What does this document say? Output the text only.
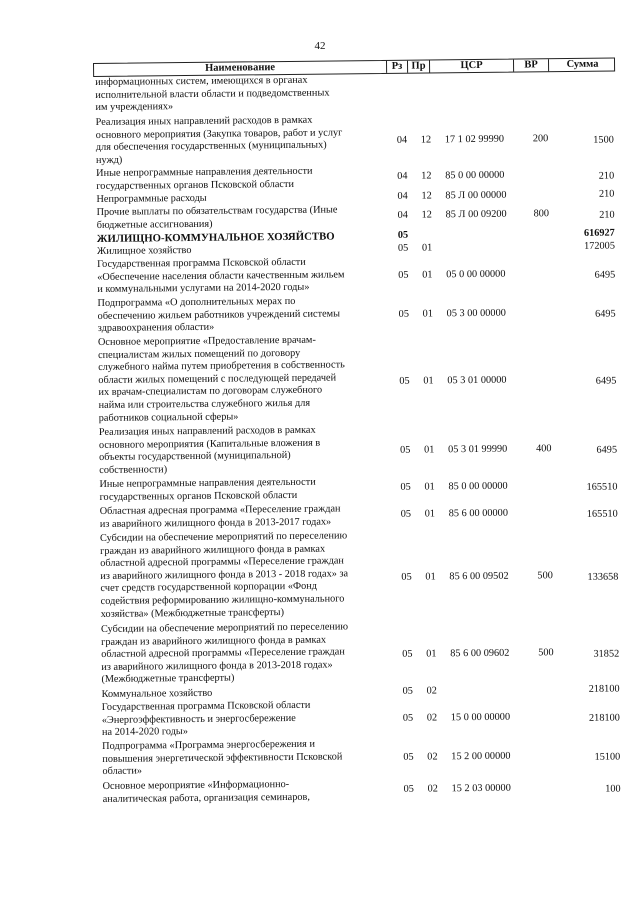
42
Наименование	Рз Пр	ЦСР	ВР	Сумма
информационных систем, имеющихся в органах
исполнительной власти области и подведомственных
им учреждениях»
Реализация иных направлений расходов в рамках
основного мероприятия (Закупка товаров, работ и услуг
для обеспечения государственных (муниципальных)
нужд)
04 12 17 1 02 99990	200	1500
Иные непрограммные направления деятельности
государственных органов Псковской области
04 12 85 0 00 00000	210
Непрограммные расходы	04 12 85 Л 00 00000	210
Прочие выплаты по обязательствам государства (Иные
бюджетные ассигнования)
04 12 85 Л 00 09200	800	210
ЖИЛИЩНО-КОММУНАЛЬНОЕ ХОЗЯЙСТВО	05	616927
Жилищное хозяйство	05 01	172005
Государственная программа Псковской области
«Обеспечение населения области качественным жильем
и коммунальными услугами на 2014-2020 годы»
05 01 05 0 00 00000	6495
Подпрограмма «О дополнительных мерах по
обеспечению жильем работников учреждений системы
здравоохранения области»
05 01 05 3 00 00000	6495
Основное мероприятие «Предоставление врачам-
специалистам жилых помещений по договору
служебного найма путем приобретения в собственность
области жилых помещений с последующей передачей
их врачам-специалистам по договорам служебного
найма или строительства служебного жилья для
работников социальной сферы»
05 01 05 3 01 00000	6495
Реализация иных направлений расходов в рамках
основного мероприятия (Капитальные вложения в
объекты государственной (муниципальной)
собственности)
05 01 05 3 01 99990	400	6495
Иные непрограммные направления деятельности
государственных органов Псковской области
05 01 85 0 00 00000	165510
Областная адресная программа «Переселение граждан
из аварийного жилищного фонда в 2013-2017 годах»
05 01 85 6 00 00000	165510
Субсидии на обеспечение мероприятий по переселению
граждан из аварийного жилищного фонда в рамках
областной адресной программы «Переселение граждан
из аварийного жилищного фонда в 2013 - 2018 годах» за
счет средств государственной корпорации «Фонд
содействия реформированию жилищно-коммунального
хозяйства» (Межбюджетные трансферты)
05 01 85 6 00 09502	500	133658
Субсидии на обеспечение мероприятий по переселению
граждан из аварийного жилищного фонда в рамках
областной адресной программы «Переселение граждан
из аварийного жилищного фонда в 2013-2018 годах»
(Межбюджетные трансферты)
05 01 85 6 00 09602	500	31852
Коммунальное хозяйство	05 02	218100
Государственная программа Псковской области
«Энергоэффективность и энергосбережение
на 2014-2020 годы»
05 02 15 0 00 00000	218100
Подпрограмма «Программа энергосбережения и
повышения энергетической эффективности Псковской
области»
05 02 15 2 00 00000	15100
Основное мероприятие «Информационно-
аналитическая работа, организация семинаров,
05 02 15 2 03 00000	100
